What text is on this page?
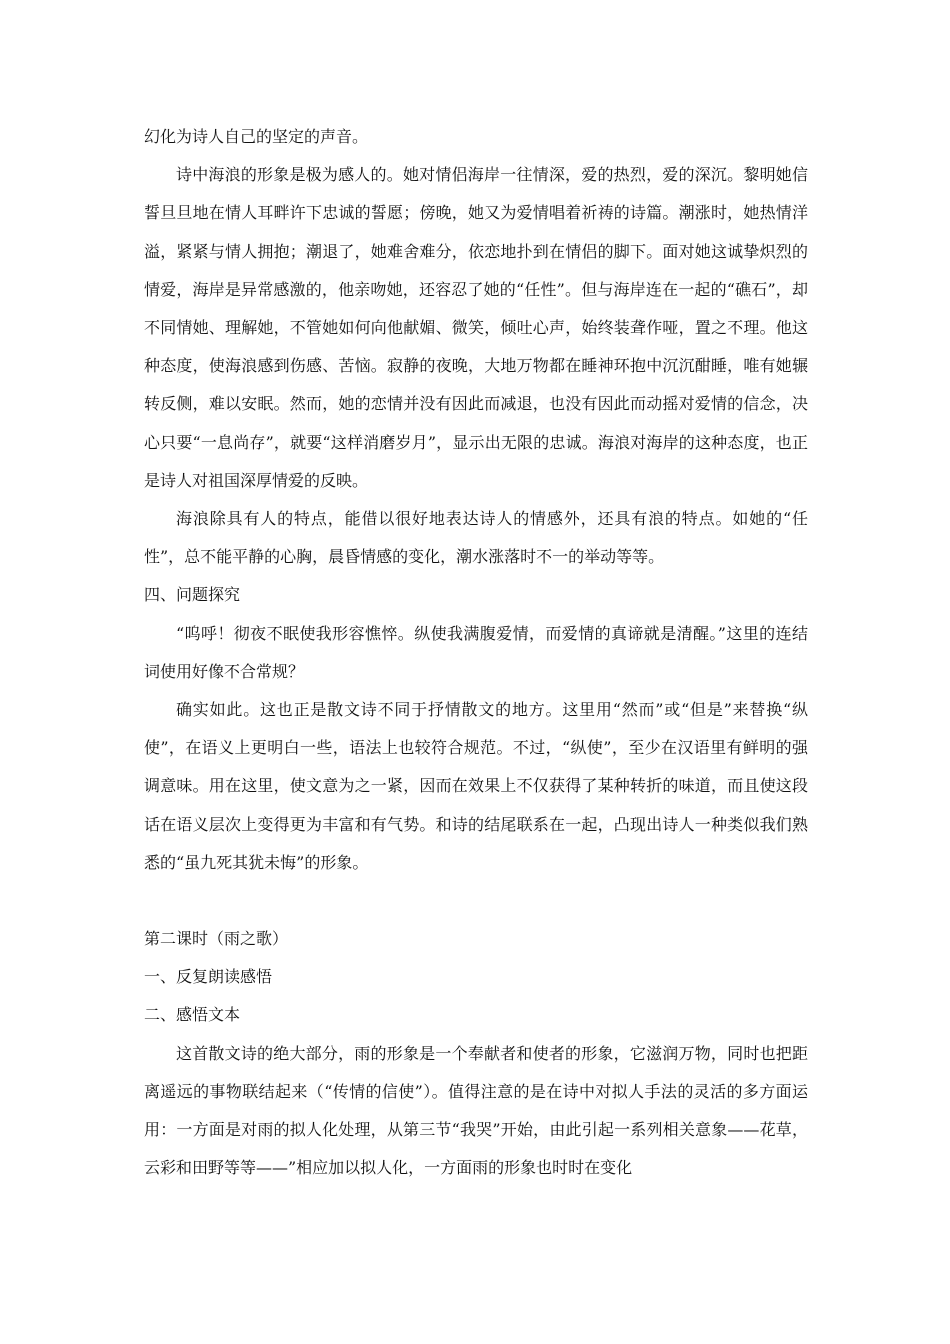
幻化为诗人自己的坚定的声音。

诗中海浪的形象是极为感人的。她对情侣海岸一往情深，爱的热烈，爱的深沉。黎明她信誓旦旦地在情人耳畔许下忠诚的誓愿；傍晚，她又为爱情唱着祈祷的诗篇。潮涨时，她热情洋溢，紧紧与情人拥抱；潮退了，她难舍难分，依恋地扑到在情侣的脚下。面对她这诚挚炽烈的情爱，海岸是异常感激的，他亲吻她，还容忍了她的“任性”。但与海岸连在一起的“礁石”，却不同情她、理解她，不管她如何向他献媚、微笑，倾吐心声，始终装聋作哑，置之不理。他这种态度，使海浪感到伤感、苦恼。寂静的夜晚，大地万物都在睡神环抱中沉沉酣睡，唯有她辗转反侧，难以安眠。然而，她的恋情并没有因此而减退，也没有因此而动摇对爱情的信念，决心只要“一息尚存”，就要“这样消磨岁月”，显示出无限的忠诚。海浪对海岸的这种态度，也正是诗人对祖国深厚情爱的反映。

海浪除具有人的特点，能借以很好地表达诗人的情感外，还具有浪的特点。如她的“任性”，总不能平静的心胸，晨昏情感的变化，潮水涨落时不一的举动等等。

四、问题探究

“呜呼！彻夜不眠使我形容憔悴。纵使我满腹爱情，而爱情的真谛就是清醒。”这里的连结词使用好像不合常规？

确实如此。这也正是散文诗不同于抒情散文的地方。这里用“然而”或“但是”来替换“纵使”，在语义上更明白一些，语法上也较符合规范。不过，“纵使”，至少在汉语里有鲜明的强调意味。用在这里，使文意为之一紧，因而在效果上不仅获得了某种转折的味道，而且使这段话在语义层次上变得更为丰富和有气势。和诗的结尾联系在一起，凸现出诗人一种类似我们熟悉的“虽九死其犹未悔”的形象。

第二课时（雨之歌）

一、反复朗读感悟

二、感悟文本

这首散文诗的绝大部分，雨的形象是一个奉献者和使者的形象，它滋润万物，同时也把距离遥远的事物联结起来（“传情的信使”）。值得注意的是在诗中对拟人手法的灵活的多方面运用：一方面是对雨的拟人化处理，从第三节“我哭”开始，由此引起一系列相关意象——花草，云彩和田野等等——”相应加以拟人化，一方面雨的形象也时时在变化
